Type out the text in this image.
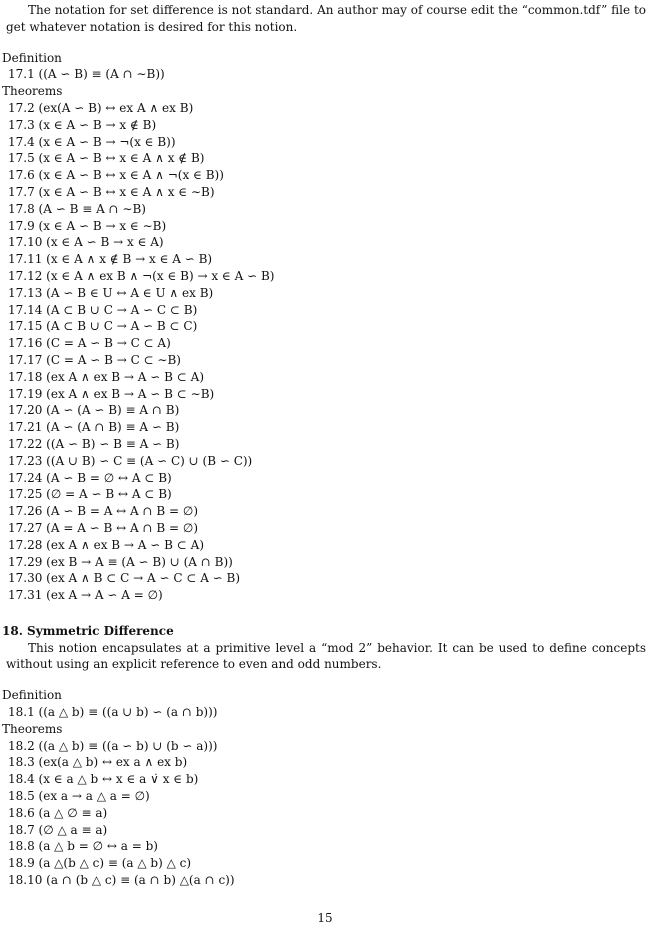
The notation for set difference is not standard. An author may of course edit the “common.tdf” file to get whatever notation is desired for this notion.

Definition
17.1 ((A ∽ B) ≡ (A ∩ ∼B))
Theorems
17.2 (ex(A ∽ B) ↔ ex A ∧ ex B)
17.3 (x ∈ A ∽ B → x ∉ B)
17.4 (x ∈ A ∽ B → ¬(x ∈ B))
17.5 (x ∈ A ∽ B ↔ x ∈ A ∧ x ∉ B)
17.6 (x ∈ A ∽ B ↔ x ∈ A ∧ ¬(x ∈ B))
17.7 (x ∈ A ∽ B ↔ x ∈ A ∧ x ∈ ∼B)
17.8 (A ∽ B ≡ A ∩ ∼B)
17.9 (x ∈ A ∽ B → x ∈ ∼B)
17.10 (x ∈ A ∽ B → x ∈ A)
17.11 (x ∈ A ∧ x ∉ B → x ∈ A ∽ B)
17.12 (x ∈ A ∧ ex B ∧ ¬(x ∈ B) → x ∈ A ∽ B)
17.13 (A ∽ B ∈ U ↔ A ∈ U ∧ ex B)
17.14 (A ⊂ B ∪ C → A ∽ C ⊂ B)
17.15 (A ⊂ B ∪ C → A ∽ B ⊂ C)
17.16 (C = A ∽ B → C ⊂ A)
17.17 (C = A ∽ B → C ⊂ ∼B)
17.18 (ex A ∧ ex B → A ∽ B ⊂ A)
17.19 (ex A ∧ ex B → A ∽ B ⊂ ∼B)
17.20 (A ∽ (A ∽ B) ≡ A ∩ B)
17.21 (A ∽ (A ∩ B) ≡ A ∽ B)
17.22 ((A ∽ B) ∽ B ≡ A ∽ B)
17.23 ((A ∪ B) ∽ C ≡ (A ∽ C) ∪ (B ∽ C))
17.24 (A ∽ B = ∅ ↔ A ⊂ B)
17.25 (∅ = A ∽ B ↔ A ⊂ B)
17.26 (A ∽ B = A ↔ A ∩ B = ∅)
17.27 (A = A ∽ B ↔ A ∩ B = ∅)
17.28 (ex A ∧ ex B → A ∽ B ⊂ A)
17.29 (ex B → A ≡ (A ∽ B) ∪ (A ∩ B))
17.30 (ex A ∧ B ⊂ C → A ∽ C ⊂ A ∽ B)
17.31 (ex A → A ∽ A = ∅)
18. Symmetric Difference

This notion encapsulates at a primitive level a “mod 2” behavior. It can be used to define concepts without using an explicit reference to even and odd numbers.

Definition
18.1 ((a △ b) ≡ ((a ∪ b) ∽ (a ∩ b)))
Theorems
18.2 ((a △ b) ≡ ((a ∽ b) ∪ (b ∽ a)))
18.3 (ex(a △ b) ↔ ex a ∧ ex b)
18.4 (x ∈ a △ b ↔ x ∈ a ∨̇ x ∈ b)
18.5 (ex a → a △ a = ∅)
18.6 (a △ ∅ ≡ a)
18.7 (∅ △ a ≡ a)
18.8 (a △ b = ∅ ↔ a = b)
18.9 (a △(b △ c) ≡ (a △ b) △ c)
18.10 (a ∩ (b △ c) ≡ (a ∩ b) △(a ∩ c))
15
